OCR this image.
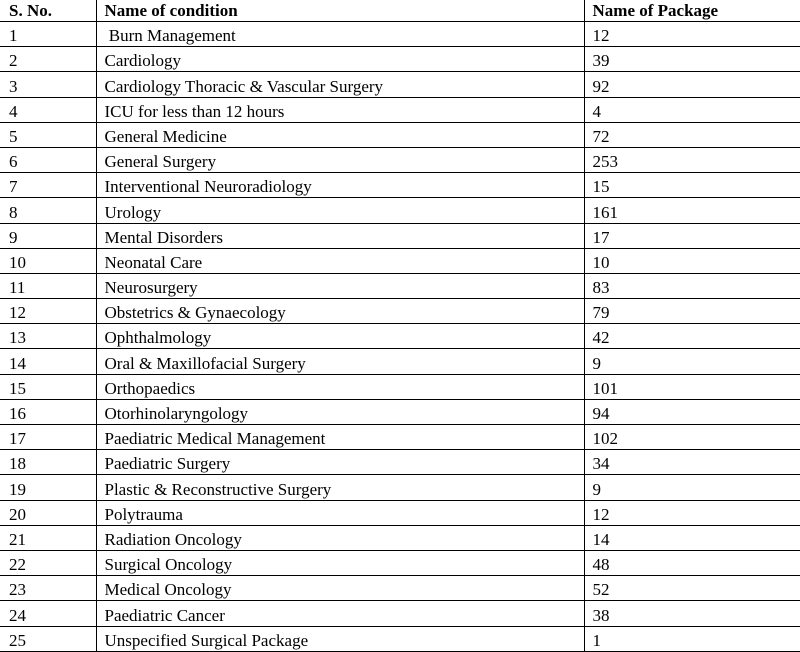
S. No.	Name of condition	Name of Package
1	Burn Management	12
2	Cardiology	39
3	Cardiology Thoracic & Vascular Surgery	92
4	ICU for less than 12 hours	4
5	General Medicine	72
6	General Surgery	253
7	Interventional Neuroradiology	15
8	Urology	161
9	Mental Disorders	17
10	Neonatal Care	10
11	Neurosurgery	83
12	Obstetrics & Gynaecology	79
13	Ophthalmology	42
14	Oral & Maxillofacial Surgery	9
15	Orthopaedics	101
16	Otorhinolaryngology	94
17	Paediatric Medical Management	102
18	Paediatric Surgery	34
19	Plastic & Reconstructive Surgery	9
20	Polytrauma	12
21	Radiation Oncology	14
22	Surgical Oncology	48
23	Medical Oncology	52
24	Paediatric Cancer	38
25	Unspecified Surgical Package	1
